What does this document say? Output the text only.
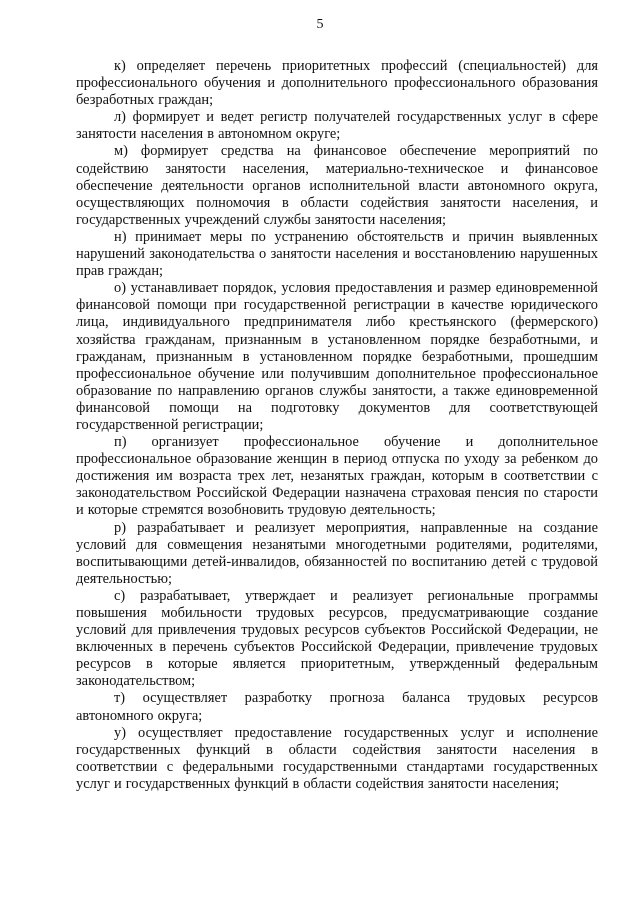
5

к) определяет перечень приоритетных профессий (специальностей) для профессионального обучения и дополнительного профессионального образования безработных граждан;

л) формирует и ведет регистр получателей государственных услуг в сфере занятости населения в автономном округе;

м) формирует средства на финансовое обеспечение мероприятий по содействию занятости населения, материально-техническое и финансовое обеспечение деятельности органов исполнительной власти автономного округа, осуществляющих полномочия в области содействия занятости населения, и государственных учреждений службы занятости населения;

н) принимает меры по устранению обстоятельств и причин выявленных нарушений законодательства о занятости населения и восстановлению нарушенных прав граждан;

о) устанавливает порядок, условия предоставления и размер единовременной финансовой помощи при государственной регистрации в качестве юридического лица, индивидуального предпринимателя либо крестьянского (фермерского) хозяйства гражданам, признанным в установленном порядке безработными, и гражданам, признанным в установленном порядке безработными, прошедшим профессиональное обучение или получившим дополнительное профессиональное образование по направлению органов службы занятости, а также единовременной финансовой помощи на подготовку документов для соответствующей государственной регистрации;

п) организует профессиональное обучение и дополнительное профессиональное образование женщин в период отпуска по уходу за ребенком до достижения им возраста трех лет, незанятых граждан, которым в соответствии с законодательством Российской Федерации назначена страховая пенсия по старости и которые стремятся возобновить трудовую деятельность;

р) разрабатывает и реализует мероприятия, направленные на создание условий для совмещения незанятыми многодетными родителями, родителями, воспитывающими детей-инвалидов, обязанностей по воспитанию детей с трудовой деятельностью;

с) разрабатывает, утверждает и реализует региональные программы повышения мобильности трудовых ресурсов, предусматривающие создание условий для привлечения трудовых ресурсов субъектов Российской Федерации, не включенных в перечень субъектов Российской Федерации, привлечение трудовых ресурсов в которые является приоритетным, утвержденный федеральным законодательством;

т) осуществляет разработку прогноза баланса трудовых ресурсов автономного округа;

у) осуществляет предоставление государственных услуг и исполнение государственных функций в области содействия занятости населения в соответствии с федеральными государственными стандартами государственных услуг и государственных функций в области содействия занятости населения;
